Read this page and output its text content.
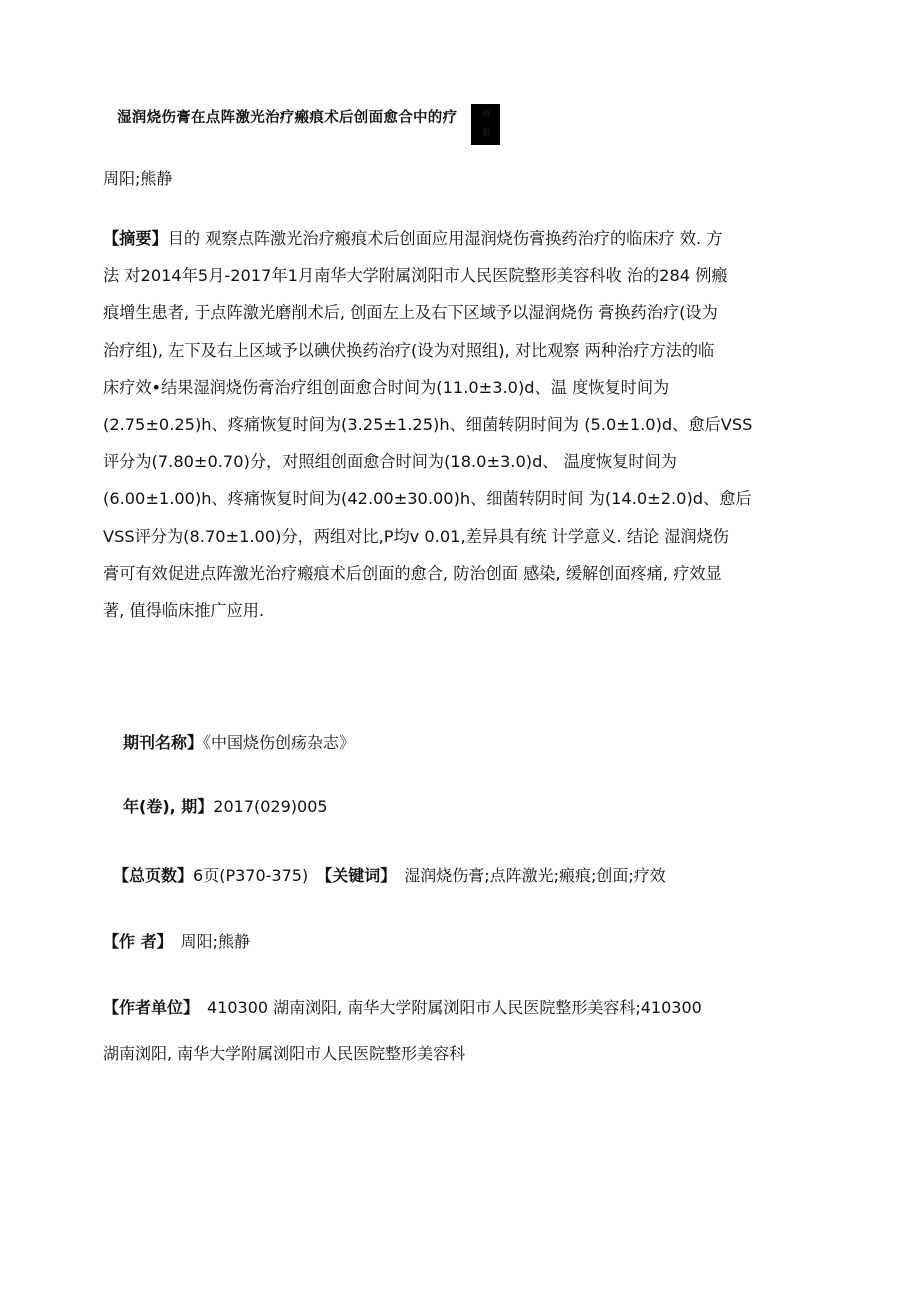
湿润烧伤膏在点阵激光治疗瘢痕术后创面愈合中的疗	效
果
周阳;熊静
【摘要】目的 观察点阵激光治疗瘢痕术后创面应用湿润烧伤膏换药治疗的临床疗 效. 方
法 对2014年5月-2017年1月南华大学附属浏阳市人民医院整形美容科收 治的284 例瘢
痕增生患者, 于点阵激光磨削术后, 创面左上及右下区域予以湿润烧伤 膏换药治疗(设为
治疗组), 左下及右上区域予以碘伏换药治疗(设为对照组), 对比观察 两种治疗方法的临
床疗效•结果湿润烧伤膏治疗组创面愈合时间为(11.0±3.0)d、温 度恢复时间为
(2.75±0.25)h、疼痛恢复时间为(3.25±1.25)h、细菌转阴时间为 (5.0±1.0)d、愈后VSS
评分为(7.80±0.70)分，对照组创面愈合时间为(18.0±3.0)d、 温度恢复时间为
(6.00±1.00)h、疼痛恢复时间为(42.00±30.00)h、细菌转阴时间 为(14.0±2.0)d、愈后
VSS评分为(8.70±1.00)分，两组对比,P均v 0.01,差异具有统 计学意义. 结论 湿润烧伤
膏可有效促进点阵激光治疗瘢痕术后创面的愈合, 防治创面 感染, 缓解创面疼痛, 疗效显
著, 值得临床推广应用.
期刊名称】《中国烧伤创疡杂志》
年(卷), 期】2017(029)005
【总页数】6页(P370-375) 【关键词】 湿润烧伤膏;点阵激光;瘢痕;创面;疗效
【作 者】 周阳;熊静
【作者单位】 410300 湖南浏阳, 南华大学附属浏阳市人民医院整形美容科;410300
湖南浏阳, 南华大学附属浏阳市人民医院整形美容科
